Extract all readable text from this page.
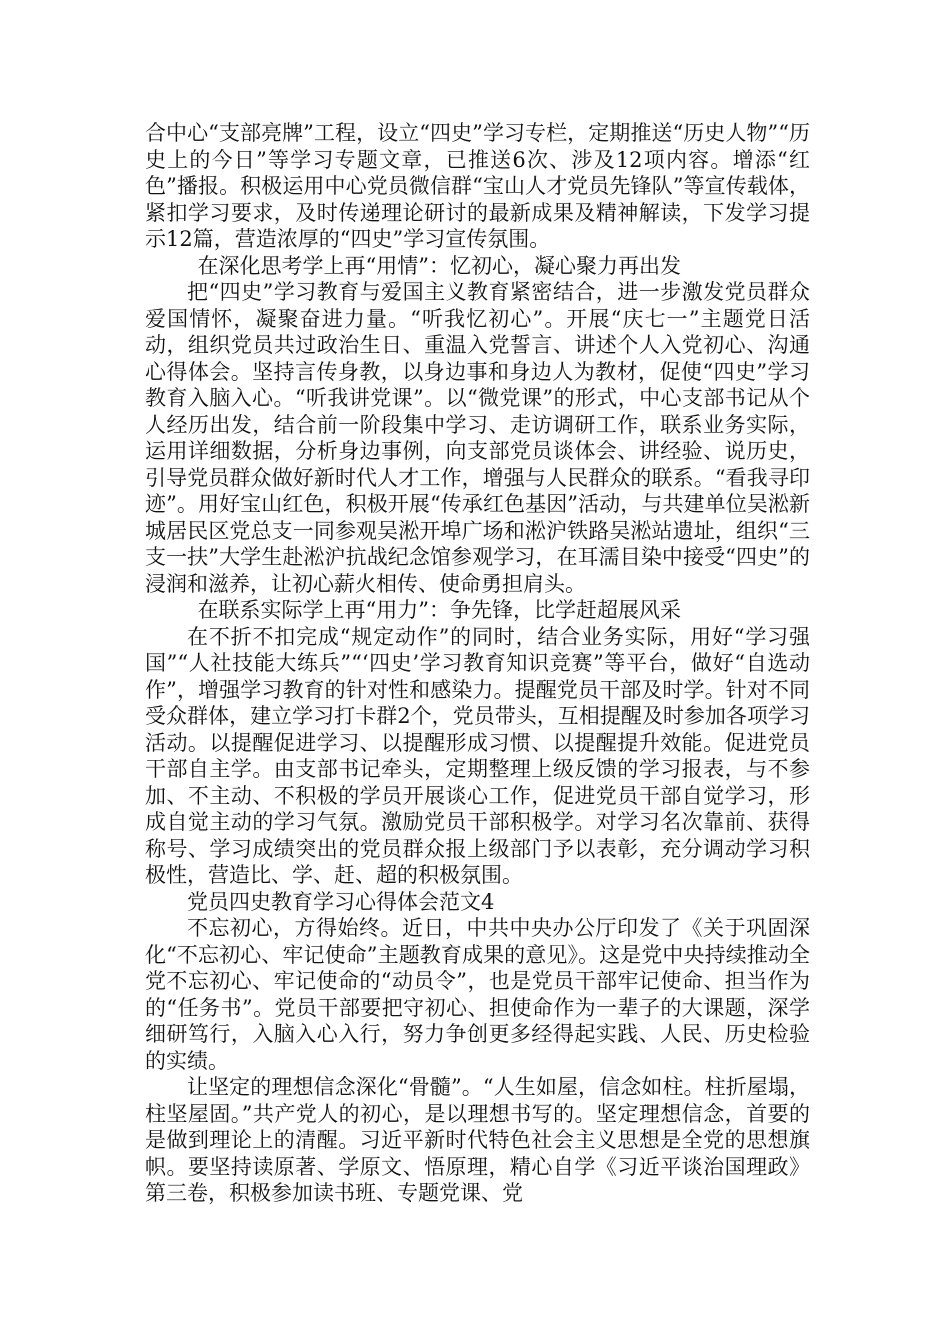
合中心“支部亮牌”工程，设立“四史”学习专栏，定期推送“历史人物”“历史上的今日”等学习专题文章，已推送6次、涉及12项内容。增添“红色”播报。积极运用中心党员微信群“宝山人才党员先锋队”等宣传载体，紧扣学习要求，及时传递理论研讨的最新成果及精神解读，下发学习提示12篇，营造浓厚的“四史”学习宣传氛围。

在深化思考学上再“用情”：忆初心，凝心聚力再出发

把“四史”学习教育与爱国主义教育紧密结合，进一步激发党员群众爱国情怀，凝聚奋进力量。“听我忆初心”。开展“庆七一”主题党日活动，组织党员共过政治生日、重温入党誓言、讲述个人入党初心、沟通心得体会。坚持言传身教，以身边事和身边人为教材，促使“四史”学习教育入脑入心。“听我讲党课”。以“微党课”的形式，中心支部书记从个人经历出发，结合前一阶段集中学习、走访调研工作，联系业务实际，运用详细数据，分析身边事例，向支部党员谈体会、讲经验、说历史，引导党员群众做好新时代人才工作，增强与人民群众的联系。“看我寻印迹”。用好宝山红色，积极开展“传承红色基因”活动，与共建单位吴淞新城居民区党总支一同参观吴淞开埠广场和淞沪铁路吴淞站遗址，组织“三支一扶”大学生赴淞沪抗战纪念馆参观学习，在耳濡目染中接受“四史”的浸润和滋养，让初心薪火相传、使命勇担肩头。

在联系实际学上再“用力”：争先锋，比学赶超展风采

在不折不扣完成“规定动作”的同时，结合业务实际，用好“学习强国”“人社技能大练兵”“‘四史’学习教育知识竞赛”等平台，做好“自选动作”，增强学习教育的针对性和感染力。提醒党员干部及时学。针对不同受众群体，建立学习打卡群2个，党员带头，互相提醒及时参加各项学习活动。以提醒促进学习、以提醒形成习惯、以提醒提升效能。促进党员干部自主学。由支部书记牵头，定期整理上级反馈的学习报表，与不参加、不主动、不积极的学员开展谈心工作，促进党员干部自觉学习，形成自觉主动的学习气氛。激励党员干部积极学。对学习名次靠前、获得称号、学习成绩突出的党员群众报上级部门予以表彰，充分调动学习积极性，营造比、学、赶、超的积极氛围。

党员四史教育学习心得体会范文4

不忘初心，方得始终。近日，中共中央办公厅印发了《关于巩固深化“不忘初心、牢记使命”主题教育成果的意见》。这是党中央持续推动全党不忘初心、牢记使命的“动员令”，也是党员干部牢记使命、担当作为的“任务书”。党员干部要把守初心、担使命作为一辈子的大课题，深学细研笃行，入脑入心入行，努力争创更多经得起实践、人民、历史检验的实绩。

让坚定的理想信念深化“骨髓”。“人生如屋，信念如柱。柱折屋塌，柱坚屋固。”共产党人的初心，是以理想书写的。坚定理想信念，首要的是做到理论上的清醒。习近平新时代特色社会主义思想是全党的思想旗帜。要坚持读原著、学原文、悟原理，精心自学《习近平谈治国理政》第三卷，积极参加读书班、专题党课、党
